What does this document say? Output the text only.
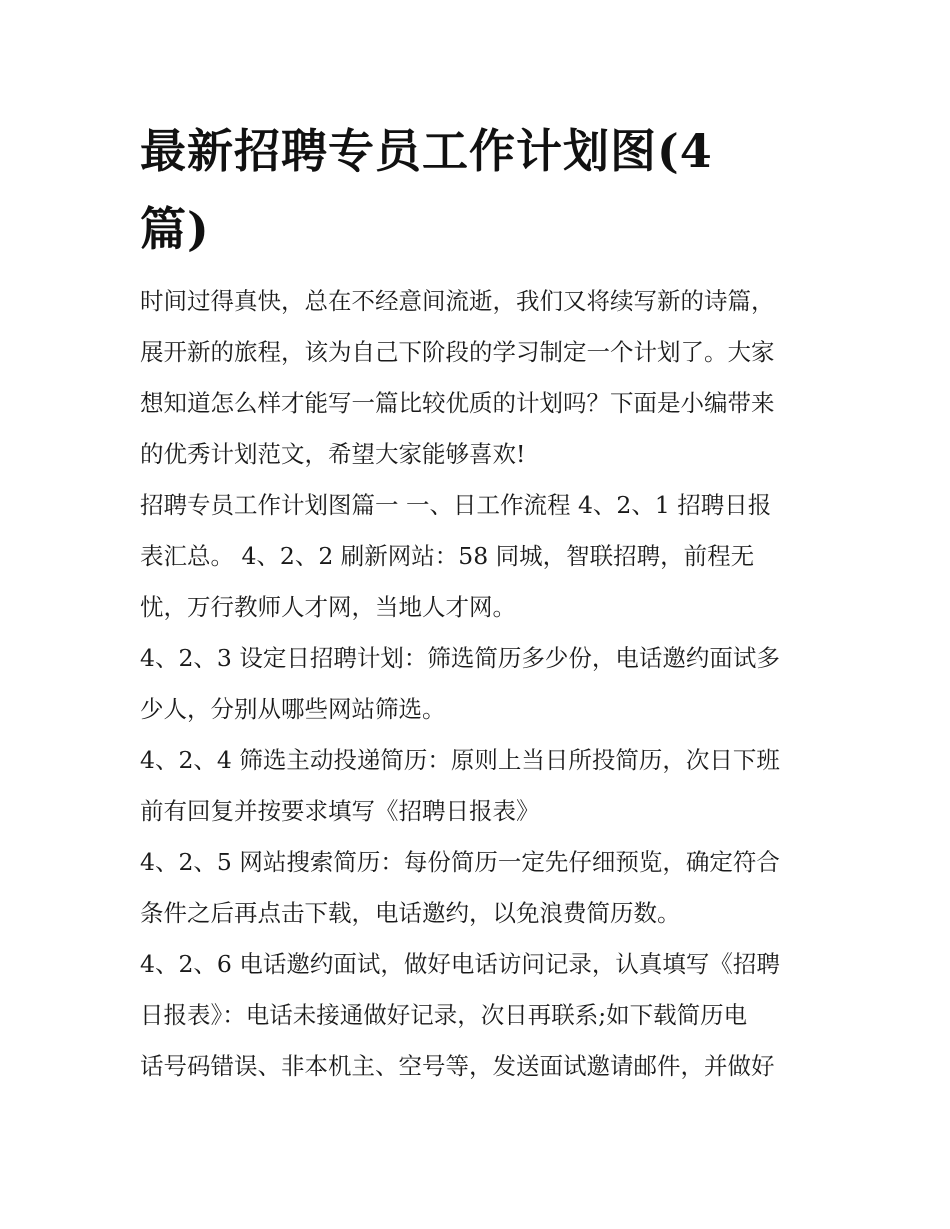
最新招聘专员工作计划图(4
篇)
时间过得真快，总在不经意间流逝，我们又将续写新的诗篇，
展开新的旅程，该为自己下阶段的学习制定一个计划了。大家
想知道怎么样才能写一篇比较优质的计划吗？下面是小编带来
的优秀计划范文，希望大家能够喜欢!
招聘专员工作计划图篇一 一、日工作流程 4、2、1 招聘日报
表汇总。 4、2、2 刷新网站：58 同城，智联招聘，前程无
忧，万行教师人才网，当地人才网。
4、2、3 设定日招聘计划：筛选简历多少份，电话邀约面试多
少人，分别从哪些网站筛选。
4、2、4 筛选主动投递简历：原则上当日所投简历，次日下班
前有回复并按要求填写《招聘日报表》
4、2、5 网站搜索简历：每份简历一定先仔细预览，确定符合
条件之后再点击下载，电话邀约，以免浪费简历数。
4、2、6 电话邀约面试，做好电话访问记录，认真填写《招聘
日报表》：电话未接通做好记录，次日再联系;如下载简历电
话号码错误、非本机主、空号等，发送面试邀请邮件，并做好
